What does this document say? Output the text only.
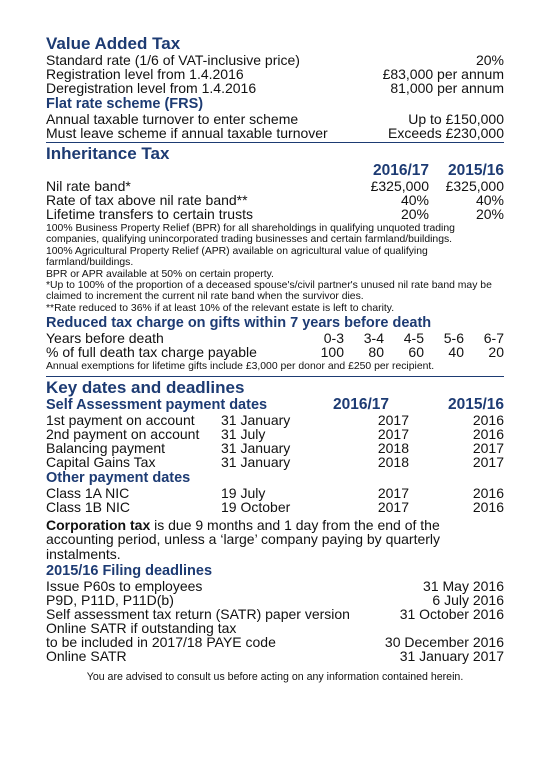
Value Added Tax
Standard rate (1/6 of VAT-inclusive price)	20%
Registration level from 1.4.2016	£83,000 per annum
Deregistration level from 1.4.2016	81,000 per annum
Flat rate scheme (FRS)
Annual taxable turnover to enter scheme	Up to £150,000
Must leave scheme if annual taxable turnover	Exceeds £230,000
Inheritance Tax
2016/17	2015/16
Nil rate band*	£325,000	£325,000
Rate of tax above nil rate band**	40%	40%
Lifetime transfers to certain trusts	20%	20%
100% Business Property Relief (BPR) for all shareholdings in qualifying unquoted trading companies, qualifying unincorporated trading businesses and certain farmland/buildings.
100% Agricultural Property Relief (APR) available on agricultural value of qualifying farmland/buildings.
BPR or APR available at 50% on certain property.
*Up to 100% of the proportion of a deceased spouse's/civil partner's unused nil rate band may be claimed to increment the current nil rate band when the survivor dies.
**Rate reduced to 36% if at least 10% of the relevant estate is left to charity.
Reduced tax charge on gifts within 7 years before death
Years before death	0-3	3-4	4-5	5-6	6-7
% of full death tax charge payable	100	80	60	40	20
Annual exemptions for lifetime gifts include £3,000 per donor and £250 per recipient.
Key dates and deadlines
Self Assessment payment dates	2016/17	2015/16
1st payment on account	31 January	2017	2016
2nd payment on account	31 July	2017	2016
Balancing payment	31 January	2018	2017
Capital Gains Tax	31 January	2018	2017
Other payment dates
Class 1A NIC	19 July	2017	2016
Class 1B NIC	19 October	2017	2016
Corporation tax is due 9 months and 1 day from the end of the accounting period, unless a ‘large’ company paying by quarterly instalments.
2015/16 Filing deadlines
Issue P60s to employees	31 May 2016
P9D, P11D, P11D(b)	6 July 2016
Self assessment tax return (SATR) paper version	31 October 2016
Online SATR if outstanding tax
to be included in 2017/18 PAYE code	30 December 2016
Online SATR	31 January 2017
You are advised to consult us before acting on any information contained herein.
